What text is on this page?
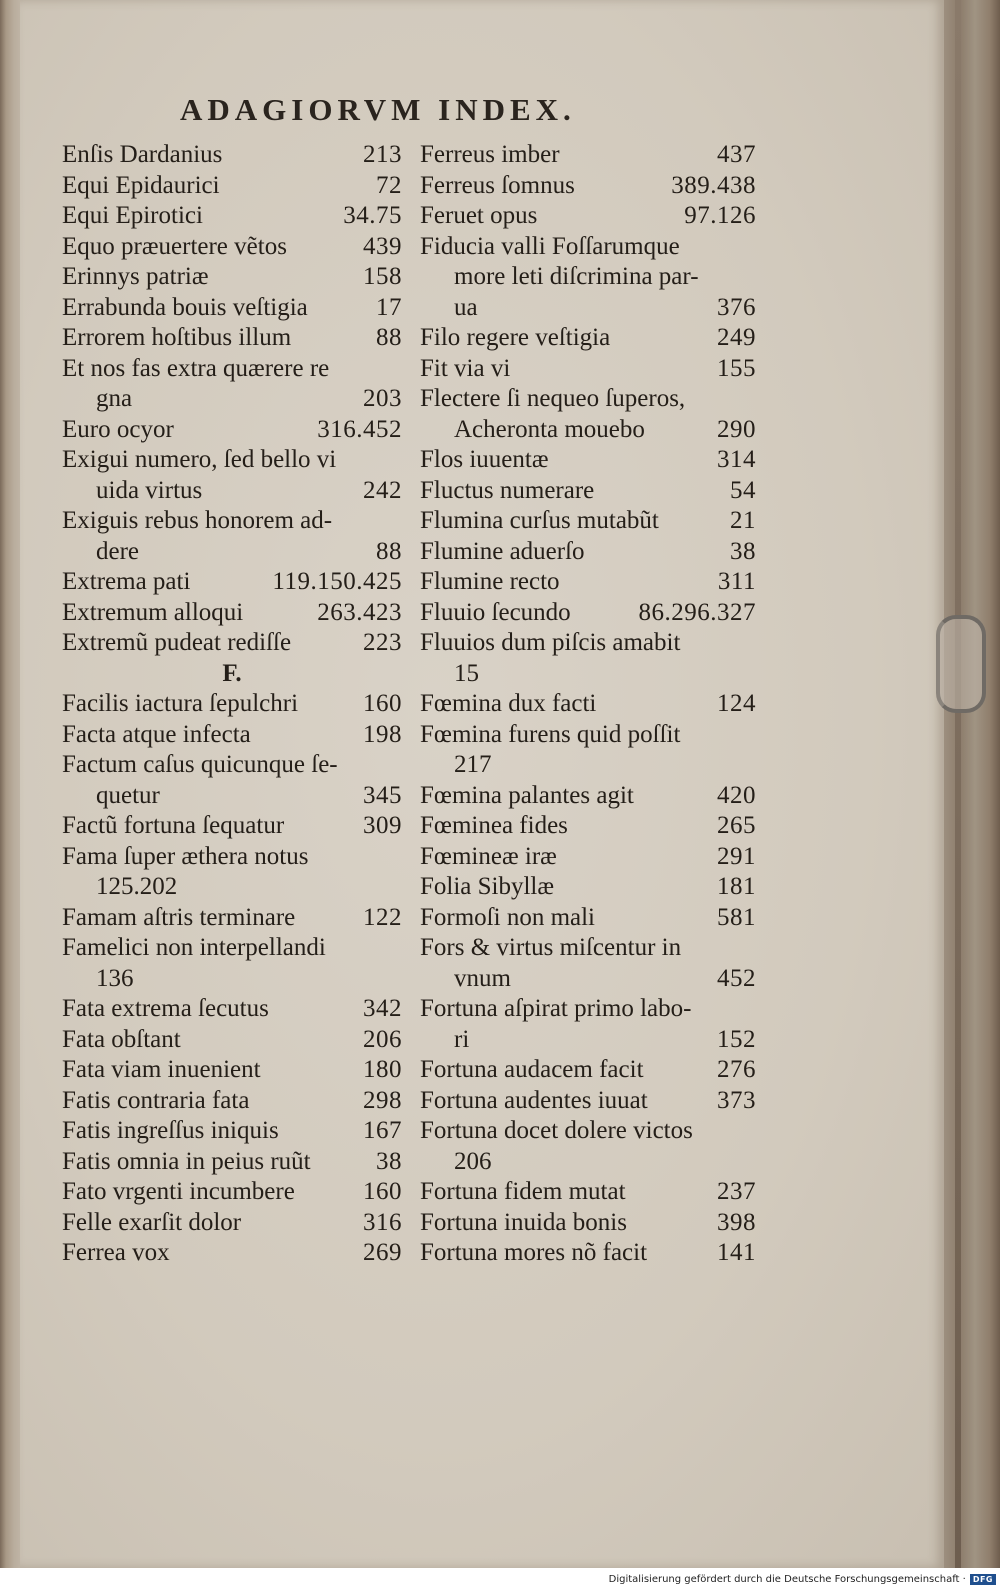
ADAGIORVM INDEX.
Enſis Dardanius	213
Equi Epidaurici	72
Equi Epirotici	34.75
Equo præuertere vẽtos	439
Erinnys patriæ	158
Errabunda bouis veſtigia	17
Errorem hoſtibus illum	88
Et nos fas extra quærere re
gna	203
Euro ocyor	316.452
Exigui numero, ſed bello vi
uida virtus	242
Exiguis rebus honorem ad-
dere	88
Extrema pati	119.150.425
Extremum alloqui	263.423
Extremũ pudeat rediſſe	223
F.
Facilis iactura ſepulchri	160
Facta atque infecta	198
Factum caſus quicunque ſe-
quetur	345
Factũ fortuna ſequatur	309
Fama ſuper æthera notus
125.202
Famam aſtris terminare	122
Famelici non interpellandi
136
Fata extrema ſecutus	342
Fata obſtant	206
Fata viam inuenient	180
Fatis contraria fata	298
Fatis ingreſſus iniquis	167
Fatis omnia in peius ruũt	38
Fato vrgenti incumbere	160
Felle exarſit dolor	316
Ferrea vox	269
Ferreus imber	437
Ferreus ſomnus	389.438
Feruet opus	97.126
Fiducia valli Foſſarumque
more leti diſcrimina par-
ua	376
Filo regere veſtigia	249
Fit via vi	155
Flectere ſi nequeo ſuperos,
Acheronta mouebo	290
Flos iuuentæ	314
Fluctus numerare	54
Flumina curſus mutabũt	21
Flumine aduerſo	38
Flumine recto	311
Fluuio ſecundo	86.296.327
Fluuios dum piſcis amabit
15
Fœmina dux facti	124
Fœmina furens quid poſſit
217
Fœmina palantes agit	420
Fœminea fides	265
Fœmineæ iræ	291
Folia Sibyllæ	181
Formoſi non mali	581
Fors & virtus miſcentur in
vnum	452
Fortuna aſpirat primo labo-
ri	152
Fortuna audacem facit	276
Fortuna audentes iuuat	373
Fortuna docet dolere victos
206
Fortuna fidem mutat	237
Fortuna inuida bonis	398
Fortuna mores nõ facit	141
Digitalisierung gefördert durch die Deutsche Forschungsgemeinschaft · DFG
